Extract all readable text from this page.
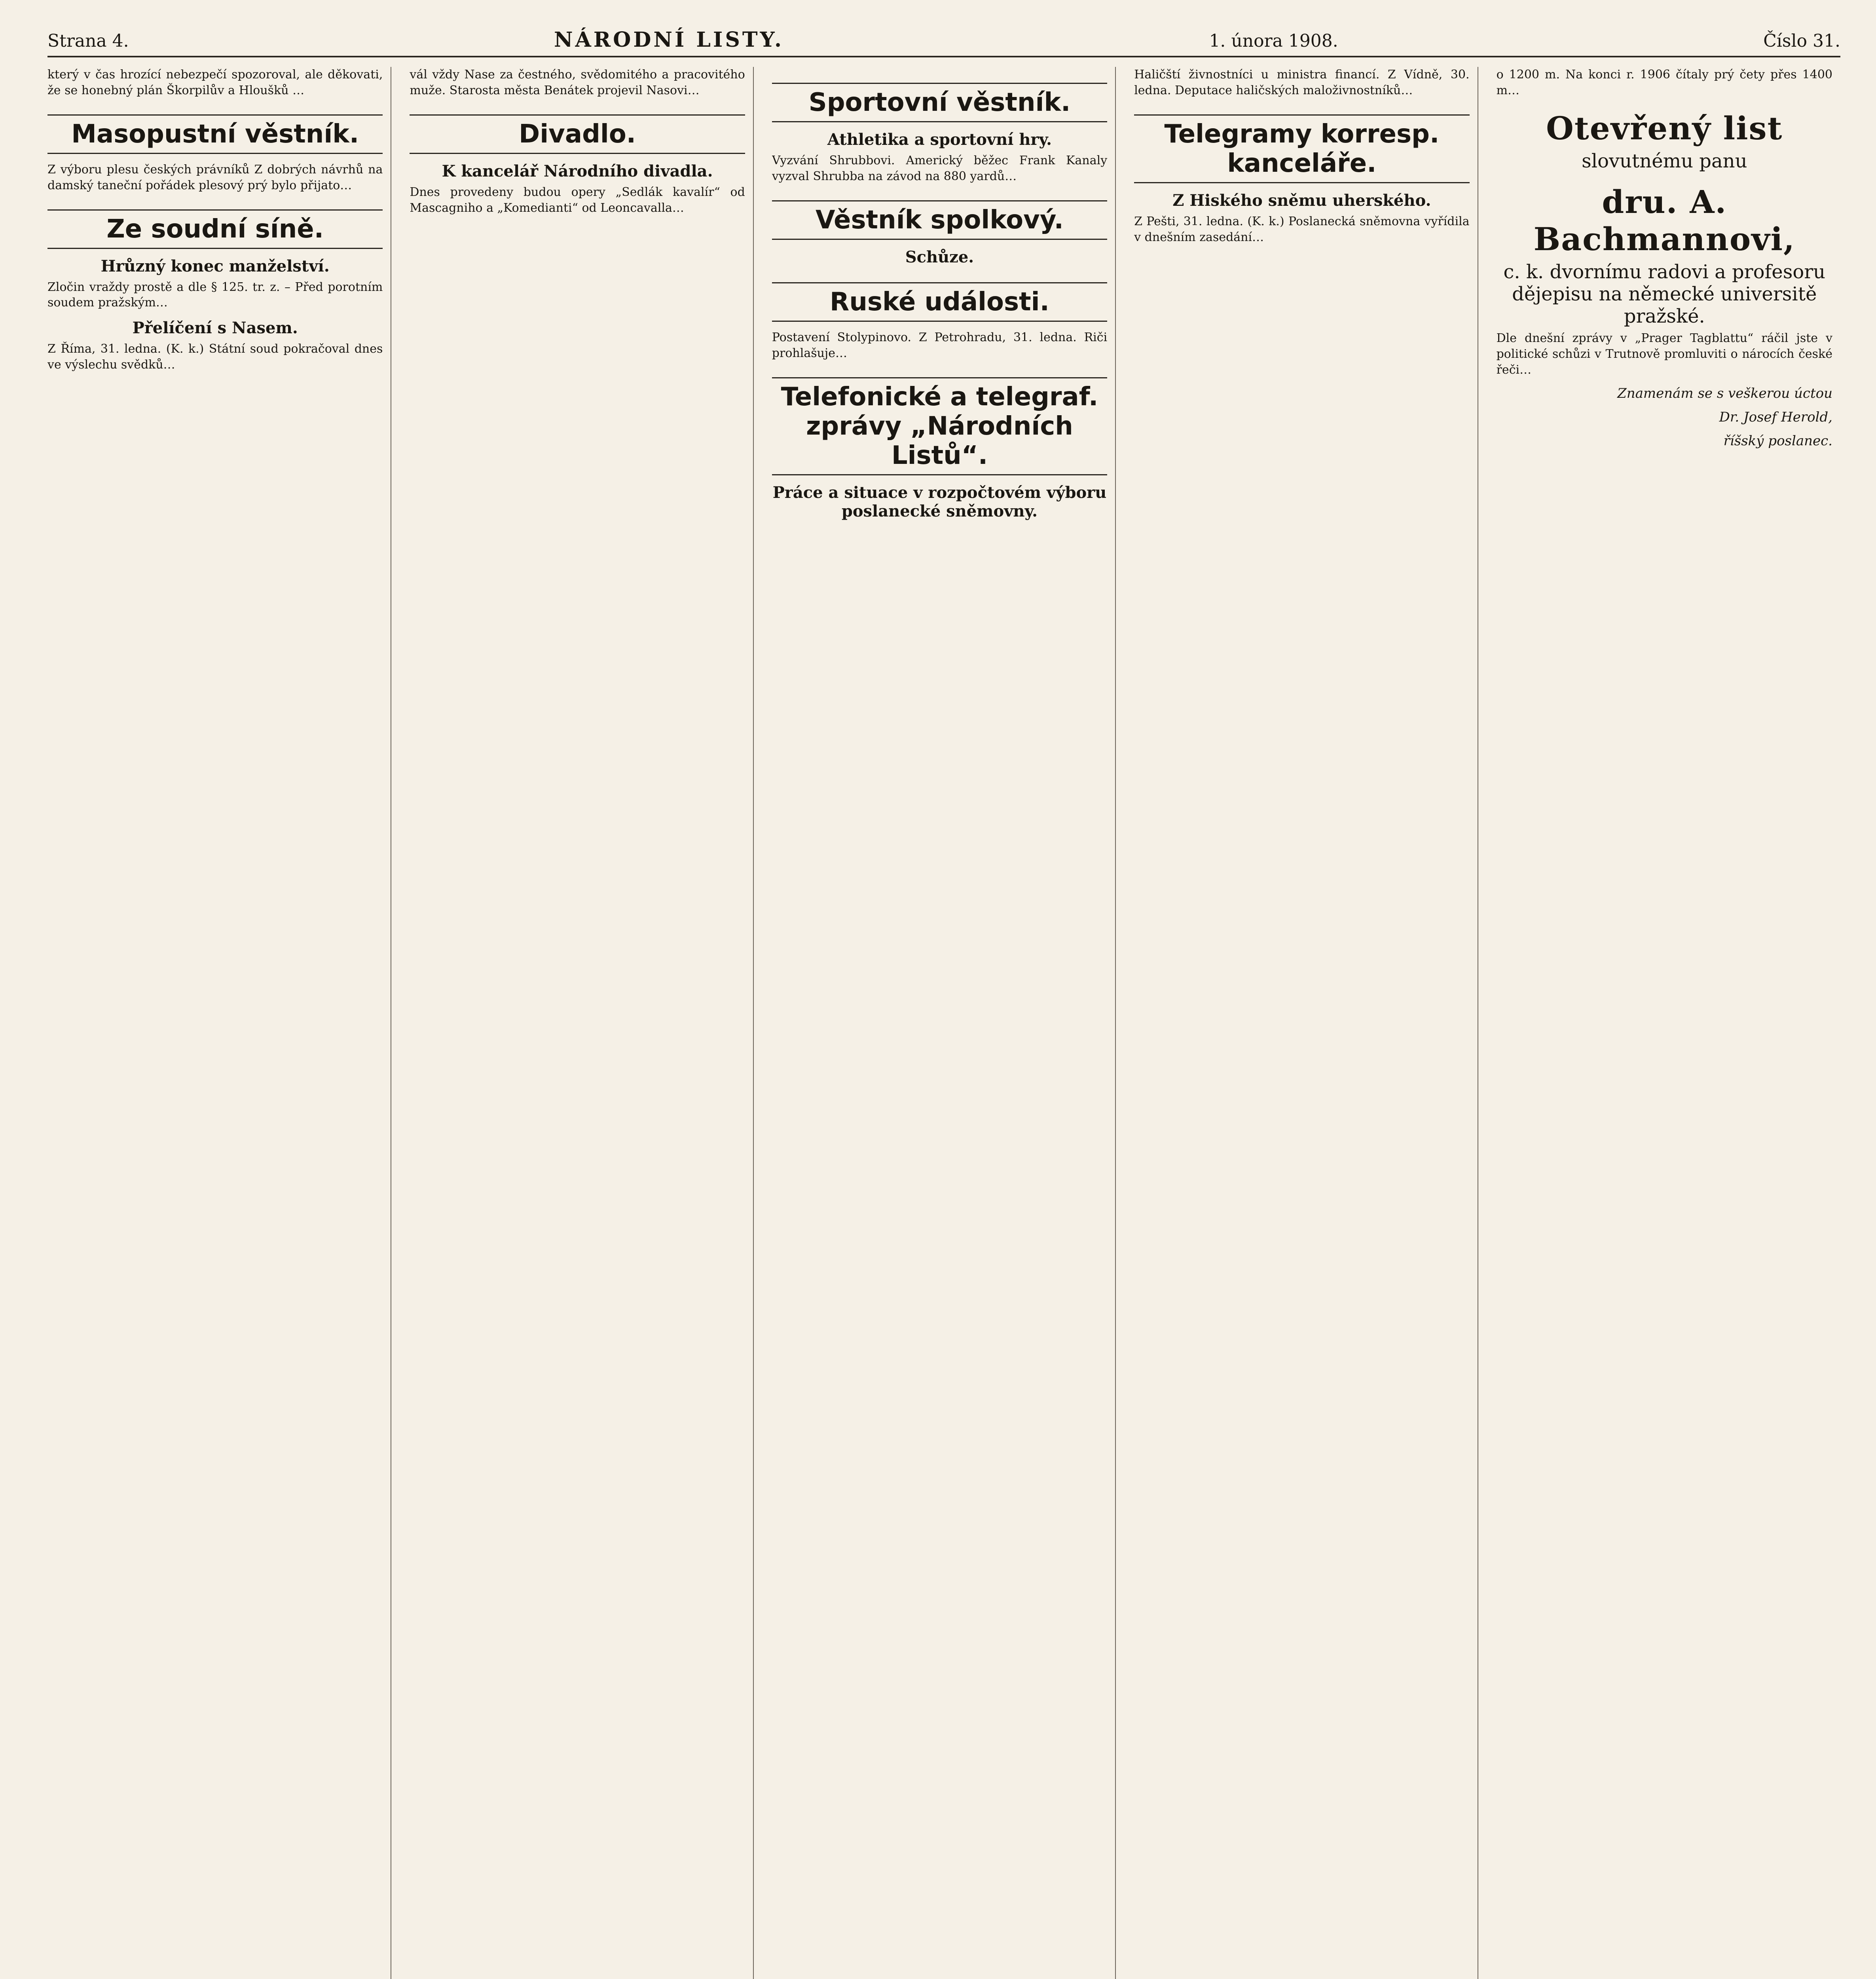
Strana 4.	NÁRODNÍ LISTY.	1. února 1908.	Číslo 31.

který v čas hrozící nebezpečí spozoroval, ale děkovati, že se honebný plán Škorpilův a Hloušků …

Masopustní věstník.

Z výboru plesu českých právníků Z dobrých návrhů na damský taneční pořádek plesový prý bylo přijato…

Ze soudní síně.
Hrůzný konec manželství.

Zločin vraždy prostě a dle § 125. tr. z. – Před porotním soudem pražským…

Přelíčení s Nasem.

Z Říma, 31. ledna. (K. k.) Státní soud pokračoval dnes ve výslechu svědků…

vál vždy Nase za čestného, svědomitého a pracovitého muže. Starosta města Benátek projevil Nasovi…

Divadlo.
K kancelář Národního divadla.

Dnes provedeny budou opery „Sedlák kavalír“ od Mascagniho a „Komedianti“ od Leoncavalla…

Sportovní věstník.
Athletika a sportovní hry.

Vyzvání Shrubbovi. Americký běžec Frank Kanaly vyzval Shrubba na závod na 880 yardů…

Věstník spolkový.
Schůze.
Ruské události.

Postavení Stolypinovo. Z Petrohradu, 31. ledna. Riči prohlašuje…

Telefonické a telegraf. zprávy „Národních Listů“.
Práce a situace v rozpočtovém výboru poslanecké sněmovny.

Haličští živnostníci u ministra financí. Z Vídně, 30. ledna. Deputace haličských maloživnostníků…

Telegramy korresp. kanceláře.
Z Hiského sněmu uherského.

Z Pešti, 31. ledna. (K. k.) Poslanecká sněmovna vyřídila v dnešním zasedání…

o 1200 m. Na konci r. 1906 čítaly prý čety přes 1400 m…

Otevřený list
slovutnému panu
dru. A. Bachmannovi,
c. k. dvornímu radovi a profesoru dějepisu na německé universitě pražské.

Dle dnešní zprávy v „Prager Tagblattu“ ráčil jste v politické schůzi v Trutnově promluviti o nárocích české řeči…

Znamenám se s veškerou úctou
Dr. Josef Herold,
říšský poslanec.
